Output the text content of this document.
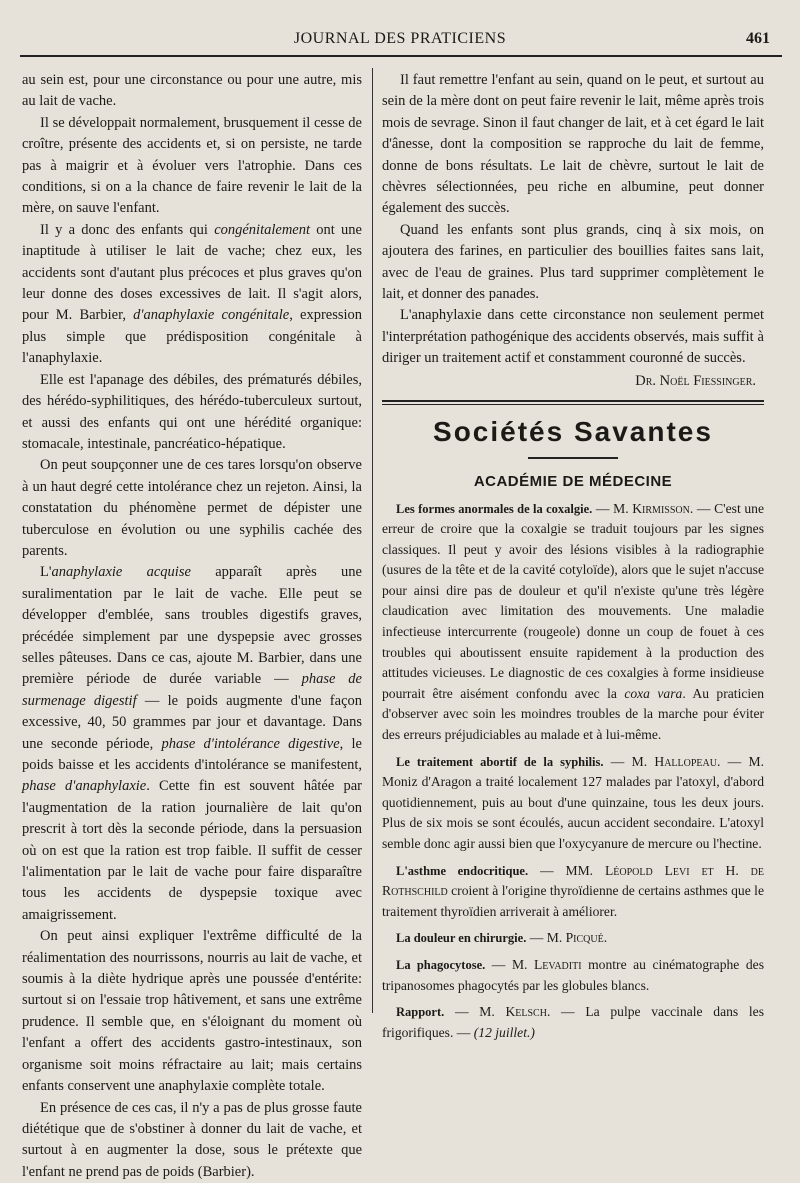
JOURNAL DES PRATICIENS	461

au sein est, pour une circonstance ou pour une autre, mis au lait de vache.

Il se développait normalement, brusquement il cesse de croître, présente des accidents et, si on persiste, ne tarde pas à maigrir et à évoluer vers l'atrophie. Dans ces conditions, si on a la chance de faire revenir le lait de la mère, on sauve l'enfant.

Il y a donc des enfants qui congénitalement ont une inaptitude à utiliser le lait de vache; chez eux, les accidents sont d'autant plus précoces et plus graves qu'on leur donne des doses excessives de lait. Il s'agit alors, pour M. Barbier, d'anaphylaxie congénitale, expression plus simple que prédisposition congénitale à l'anaphylaxie.

Elle est l'apanage des débiles, des prématurés débiles, des hérédo-syphilitiques, des hérédo-tuberculeux surtout, et aussi des enfants qui ont une hérédité organique: stomacale, intestinale, pancréatico-hépatique.

On peut soupçonner une de ces tares lorsqu'on observe à un haut degré cette intolérance chez un rejeton. Ainsi, la constatation du phénomène permet de dépister une tuberculose en évolution ou une syphilis cachée des parents.

L'anaphylaxie acquise apparaît après une suralimentation par le lait de vache. Elle peut se développer d'emblée, sans troubles digestifs graves, précédée simplement par une dyspepsie avec grosses selles pâteuses. Dans ce cas, ajoute M. Barbier, dans une première période de durée variable — phase de surmenage digestif — le poids augmente d'une façon excessive, 40, 50 grammes par jour et davantage. Dans une seconde période, phase d'intolérance digestive, le poids baisse et les accidents d'intolérance se manifestent, phase d'anaphylaxie. Cette fin est souvent hâtée par l'augmentation de la ration journalière de lait qu'on prescrit à tort dès la seconde période, dans la persuasion où on est que la ration est trop faible. Il suffit de cesser l'alimentation par le lait de vache pour faire disparaître tous les accidents de dyspepsie toxique avec amaigrissement.

On peut ainsi expliquer l'extrême difficulté de la réalimentation des nourrissons, nourris au lait de vache, et soumis à la diète hydrique après une poussée d'entérite: surtout si on l'essaie trop hâtivement, et sans une extrême prudence. Il semble que, en s'éloignant du moment où l'enfant a offert des accidents gastro-intestinaux, son organisme soit moins réfractaire au lait; mais certains enfants conservent une anaphylaxie complète totale.

En présence de ces cas, il n'y a pas de plus grosse faute diététique que de s'obstiner à donner du lait de vache, et surtout à en augmenter la dose, sous le prétexte que l'enfant ne prend pas de poids (Barbier).

Il faut remettre l'enfant au sein, quand on le peut, et surtout au sein de la mère dont on peut faire revenir le lait, même après trois mois de sevrage. Sinon il faut changer de lait, et à cet égard le lait d'ânesse, dont la composition se rapproche du lait de femme, donne de bons résultats. Le lait de chèvre, surtout le lait de chèvres sélectionnées, peu riche en albumine, peut donner également des succès.

Quand les enfants sont plus grands, cinq à six mois, on ajoutera des farines, en particulier des bouillies faites sans lait, avec de l'eau de graines. Plus tard supprimer complètement le lait, et donner des panades.

L'anaphylaxie dans cette circonstance non seulement permet l'interprétation pathogénique des accidents observés, mais suffit à diriger un traitement actif et constamment couronné de succès.

Dr. Noël Fiessinger.
Sociétés Savantes
ACADÉMIE DE MÉDECINE

Les formes anormales de la coxalgie. — M. Kirmisson. — C'est une erreur de croire que la coxalgie se traduit toujours par les signes classiques. Il peut y avoir des lésions visibles à la radiographie (usures de la tête et de la cavité cotyloïde), alors que le sujet n'accuse pour ainsi dire pas de douleur et qu'il n'existe qu'une très légère claudication avec limitation des mouvements. Une maladie infectieuse intercurrente (rougeole) donne un coup de fouet à ces troubles qui aboutissent ensuite rapidement à la production des attitudes vicieuses. Le diagnostic de ces coxalgies à forme insidieuse pourrait être aisément confondu avec la coxa vara. Au praticien d'observer avec soin les moindres troubles de la marche pour éviter des erreurs préjudiciables au malade et à lui-même.

Le traitement abortif de la syphilis. — M. Hallopeau. — M. Moniz d'Aragon a traité localement 127 malades par l'atoxyl, d'abord quotidiennement, puis au bout d'une quinzaine, tous les deux jours. Plus de six mois se sont écoulés, aucun accident secondaire. L'atoxyl semble donc agir aussi bien que l'oxycyanure de mercure ou l'hectine.

L'asthme endocritique. — MM. Léopold Levi et H. de Rothschild croient à l'origine thyroïdienne de certains asthmes que le traitement thyroïdien arriverait à améliorer.

La douleur en chirurgie. — M. Picqué.

La phagocytose. — M. Levaditi montre au cinématographe des tripanosomes phagocytés par les globules blancs.

Rapport. — M. Kelsch. — La pulpe vaccinale dans les frigorifiques. — (12 juillet.)
